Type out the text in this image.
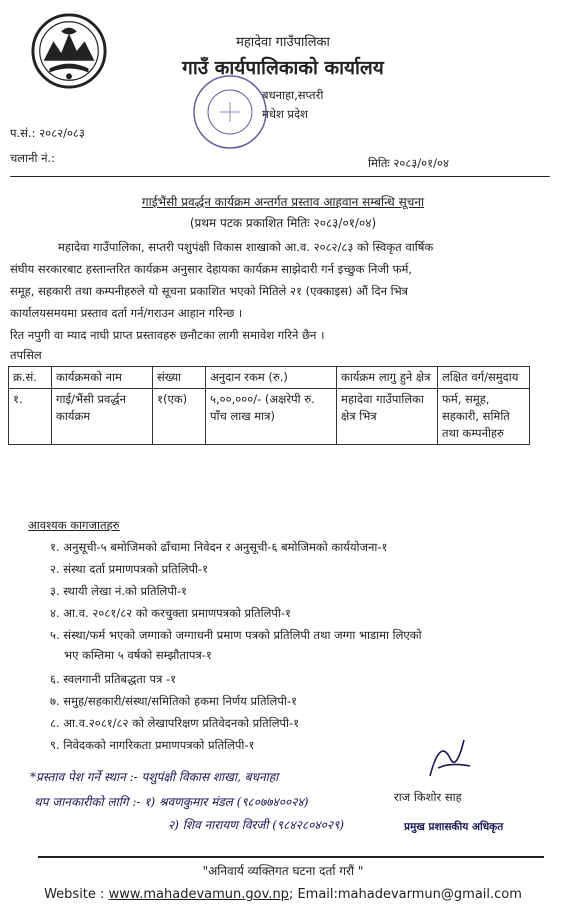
महादेवा गाउँपालिका
गाउँ कार्यपालिकाको कार्यालय
बधनाहा,सप्तरी
मधेश प्रदेश
प.सं.: २०८२/०८३
चलानी नं.:	मितिः २०८३/०१/०४
गाईभैंसी प्रवर्द्धन कार्यक्रम अन्तर्गत प्रस्ताव आहवान सम्बन्धि सूचना
(प्रथम पटक प्रकाशित मितिः २०८३/०१/०४)
महादेवा गाउँपालिका, सप्तरी पशुपंक्षी विकास शाखाको आ.व. २०८२/८३ को स्विकृत वार्षिक
संघीय सरकारबाट हस्तान्तरित कार्यक्रम अनुसार देहायका कार्यक्रम साझेदारी गर्न इच्छुक निजी फर्म,
समूह, सहकारी तथा कम्पनीहरुले यो सूचना प्रकाशित भएको मितिले २१ (एक्काइस) औं दिन भित्र
कार्यालयसमयमा प्रस्ताव दर्ता गर्न/गराउन आहान गरिन्छ ।
रित नपुगी वा म्याद नाघी प्राप्त प्रस्तावहरु छनौटका लागी समावेश गरिने छैन ।
तपसिल
क्र.सं.	कार्यक्रमको नाम	संख्या	अनुदान रकम (रु.)	कार्यक्रम लागु हुने क्षेत्र	लक्षित वर्ग/समुदाय
१.	गाई/भैंसी प्रवर्द्धन कार्यक्रम	१(एक)	५,००,०००/- (अक्षरेपी रु. पाँच लाख मात्र)	महादेवा गाउँपालिका क्षेत्र भित्र	फर्म, समूह, सहकारी, समिति तथा कम्पनीहरु
आवश्यक कागजातहरु
१. अनुसूची-५ बमोजिमको ढाँचामा निवेदन र अनुसूची-६ बमोजिमको कार्ययोजना-१
२. संस्था दर्ता प्रमाणपत्रको प्रतिलिपी-१
३. स्थायी लेखा नं.को प्रतिलिपी-१
४. आ.व. २०८१/८२ को करचुक्ता प्रमाणपत्रको प्रतिलिपी-१
५. संस्था/फर्म भएको जग्गाको जग्गाधनी प्रमाण पत्रको प्रतिलिपी तथा जग्गा भाडामा लिएको
भए कम्तिमा ५ वर्षको सम्झौतापत्र-१
६. स्वलगानी प्रतिबद्धता पत्र -१
७. समुह/सहकारी/संस्था/समितिको हकमा निर्णय प्रतिलिपी-१
८. आ.व.२०८१/८२ को लेखापरिक्षण प्रतिवेदनको प्रतिलिपी-१
९. निवेदकको नागरिकता प्रमाणपत्रको प्रतिलिपी-१
*प्रस्ताव पेश गर्ने स्थान :- पशुपंक्षी विकास शाखा, बधनाहा
थप जानकारीको लागि :- १) श्रवणकुमार मंडल (९८०७७४००२४)
२) शिव नारायण विरजी (९८४२८०४०२९)
राज किशोर साह
प्रमुख प्रशासकीय अधिकृत
"अनिवार्य व्यक्तिगत घटना दर्ता गरौं "
Website : www.mahadevamun.gov.np; Email:mahadevarmun@gmail.com
